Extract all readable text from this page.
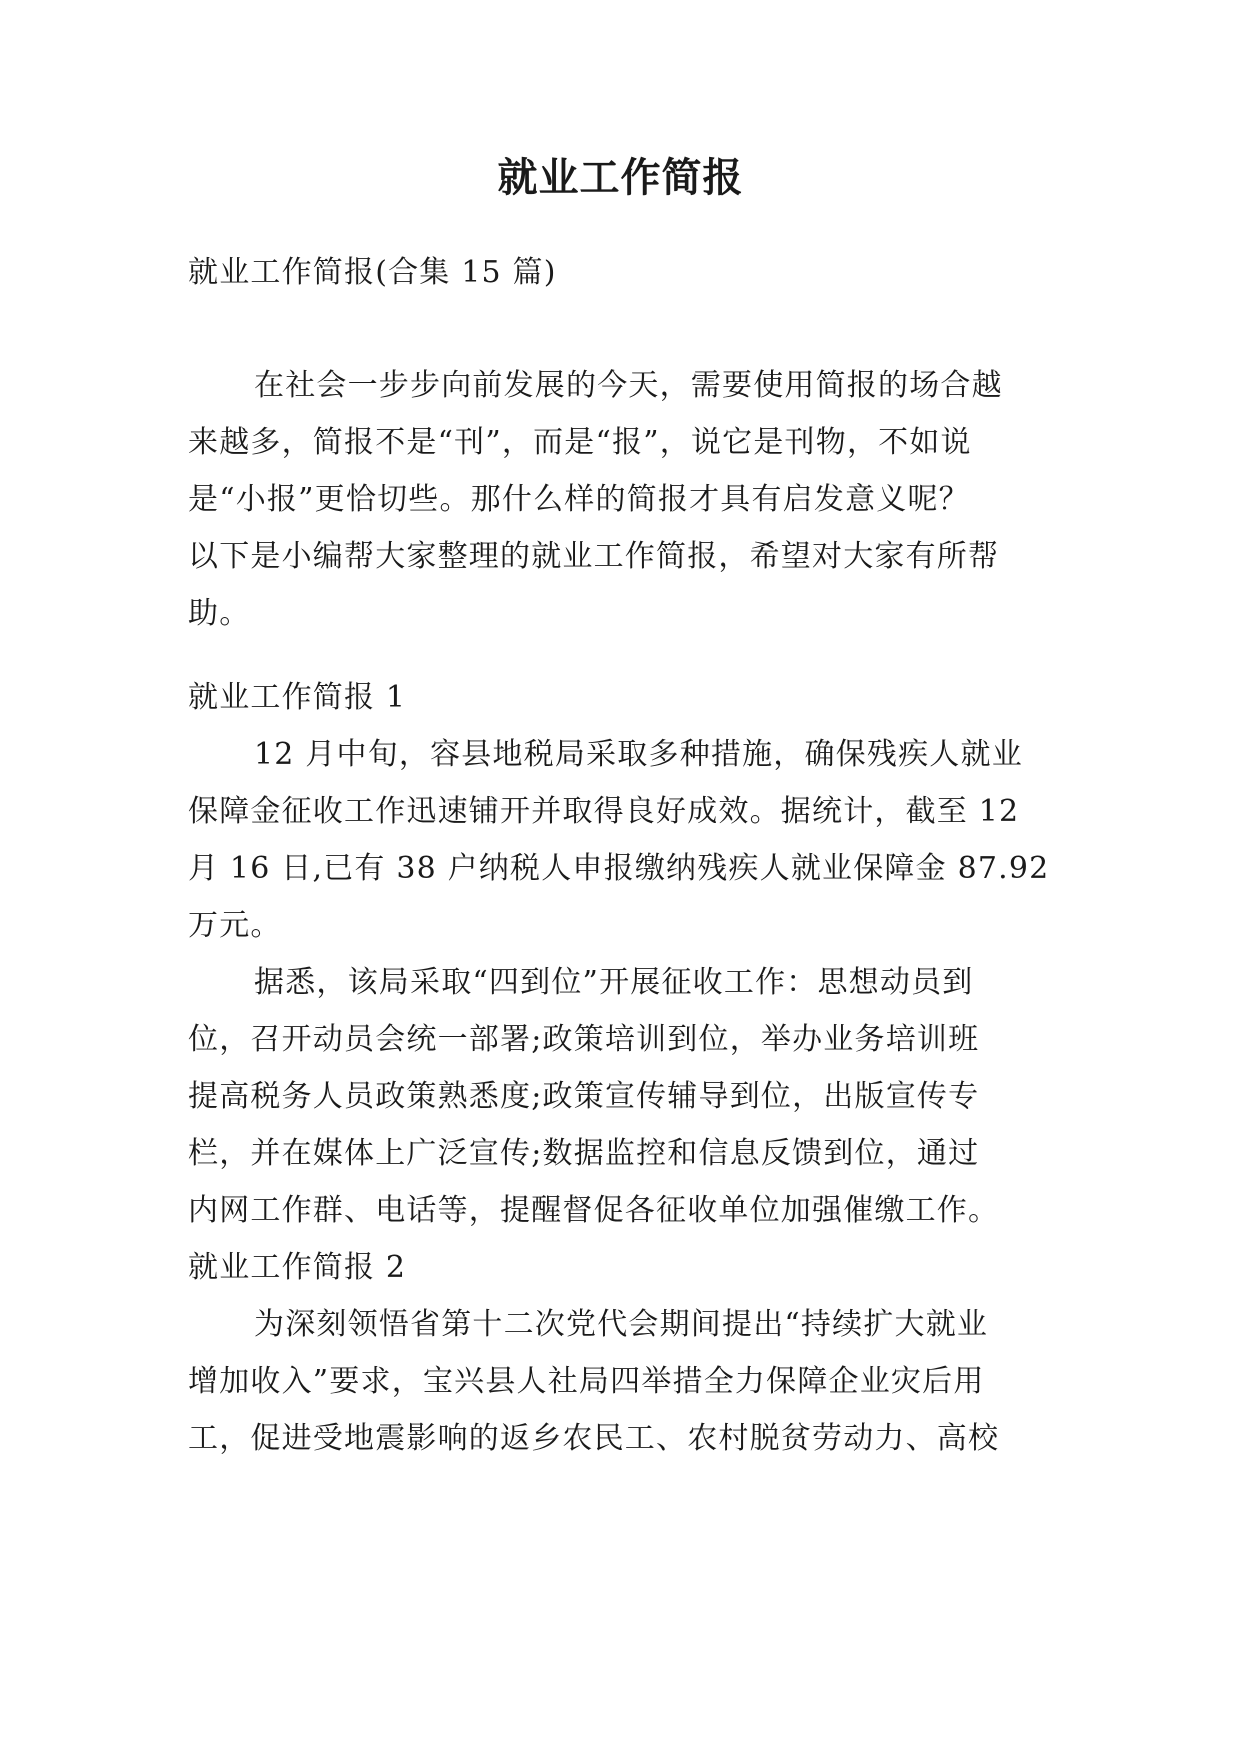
就业工作简报
就业工作简报(合集 15 篇)
在社会一步步向前发展的今天，需要使用简报的场合越
来越多，简报不是“刊”，而是“报”，说它是刊物，不如说
是“小报”更恰切些。那什么样的简报才具有启发意义呢？
以下是小编帮大家整理的就业工作简报，希望对大家有所帮
助。
就业工作简报 1
12 月中旬，容县地税局采取多种措施，确保残疾人就业
保障金征收工作迅速铺开并取得良好成效。据统计，截至 12
月 16 日,已有 38 户纳税人申报缴纳残疾人就业保障金 87.92
万元。
据悉，该局采取“四到位”开展征收工作：思想动员到
位，召开动员会统一部署;政策培训到位，举办业务培训班
提高税务人员政策熟悉度;政策宣传辅导到位，出版宣传专
栏，并在媒体上广泛宣传;数据监控和信息反馈到位，通过
内网工作群、电话等，提醒督促各征收单位加强催缴工作。
就业工作简报 2
为深刻领悟省第十二次党代会期间提出“持续扩大就业
增加收入”要求，宝兴县人社局四举措全力保障企业灾后用
工，促进受地震影响的返乡农民工、农村脱贫劳动力、高校
